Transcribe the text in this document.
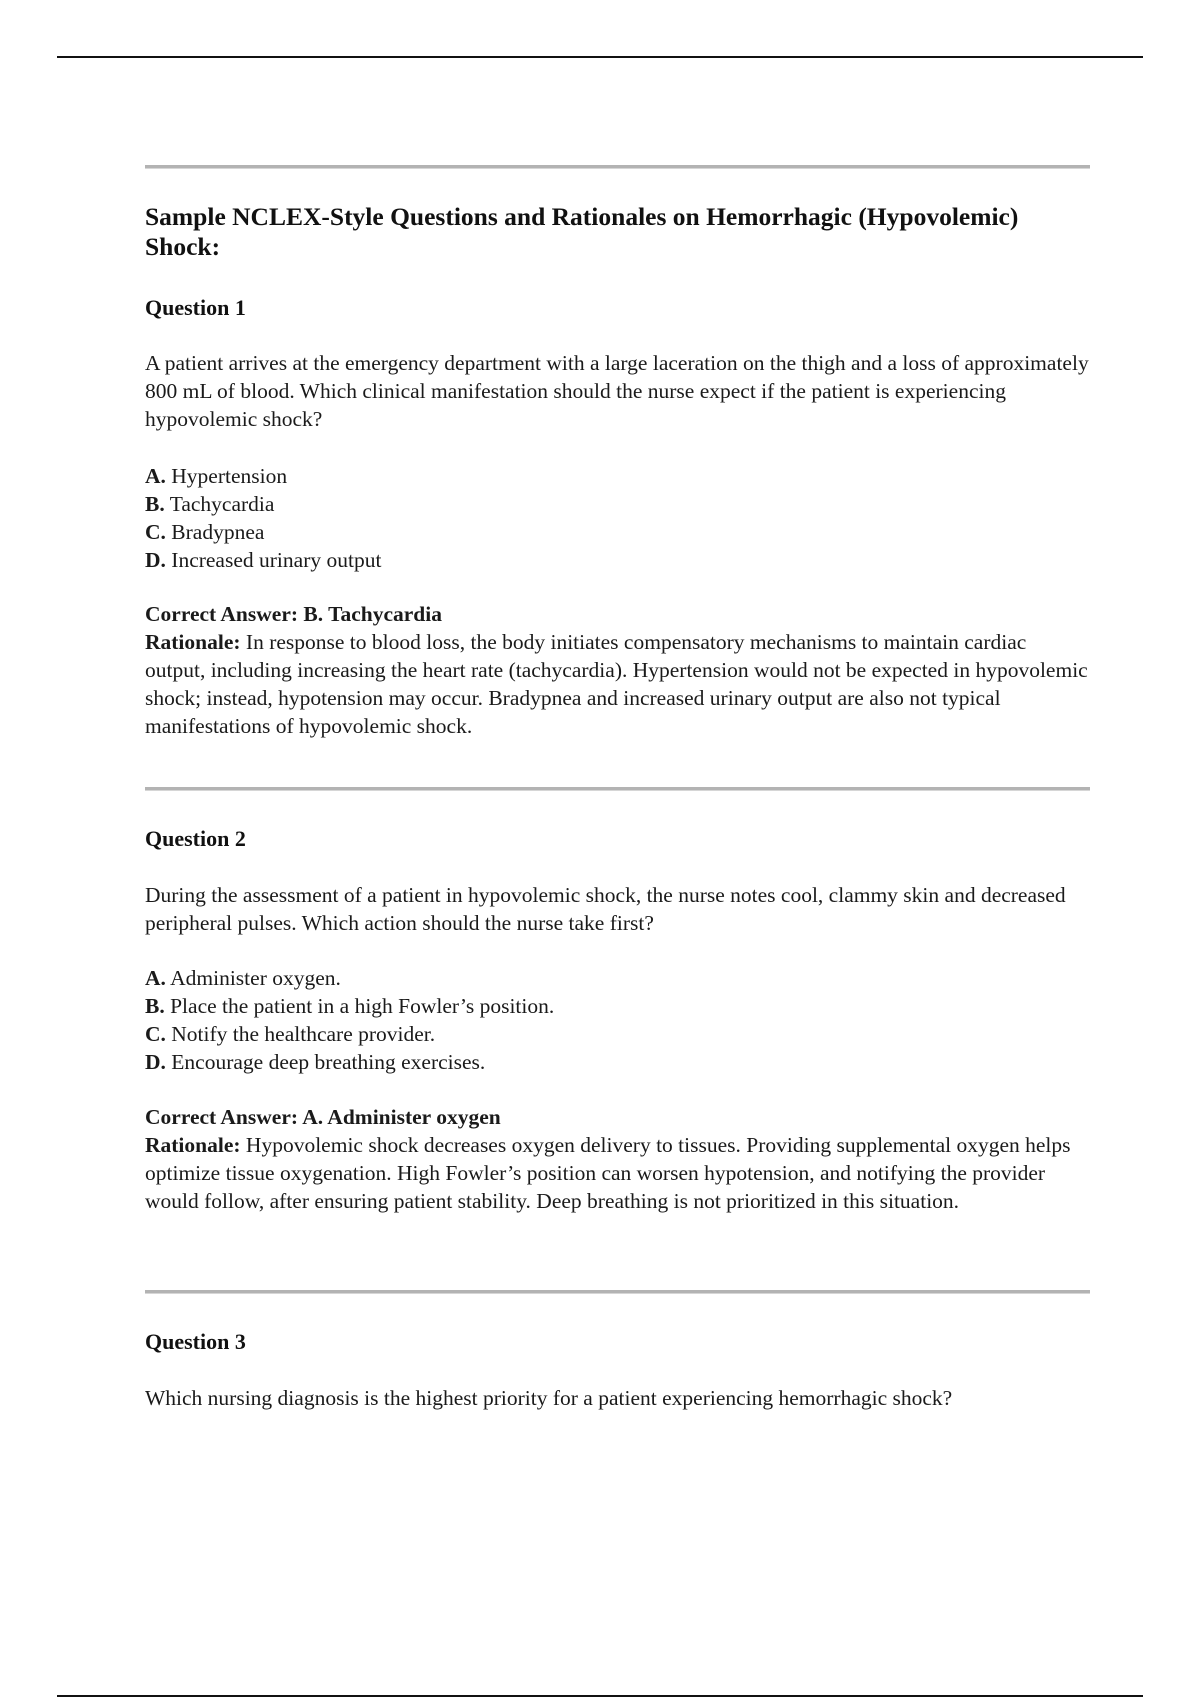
Sample NCLEX-Style Questions and Rationales on Hemorrhagic (Hypovolemic) Shock:
Question 1

A patient arrives at the emergency department with a large laceration on the thigh and a loss of approximately 800 mL of blood. Which clinical manifestation should the nurse expect if the patient is experiencing hypovolemic shock?

A. Hypertension
B. Tachycardia
C. Bradypnea
D. Increased urinary output

Correct Answer: B. Tachycardia

Rationale: In response to blood loss, the body initiates compensatory mechanisms to maintain cardiac output, including increasing the heart rate (tachycardia). Hypertension would not be expected in hypovolemic shock; instead, hypotension may occur. Bradypnea and increased urinary output are also not typical manifestations of hypovolemic shock.

Question 2

During the assessment of a patient in hypovolemic shock, the nurse notes cool, clammy skin and decreased peripheral pulses. Which action should the nurse take first?

A. Administer oxygen.
B. Place the patient in a high Fowler’s position.
C. Notify the healthcare provider.
D. Encourage deep breathing exercises.

Correct Answer: A. Administer oxygen

Rationale: Hypovolemic shock decreases oxygen delivery to tissues. Providing supplemental oxygen helps optimize tissue oxygenation. High Fowler’s position can worsen hypotension, and notifying the provider would follow, after ensuring patient stability. Deep breathing is not prioritized in this situation.

Question 3

Which nursing diagnosis is the highest priority for a patient experiencing hemorrhagic shock?
